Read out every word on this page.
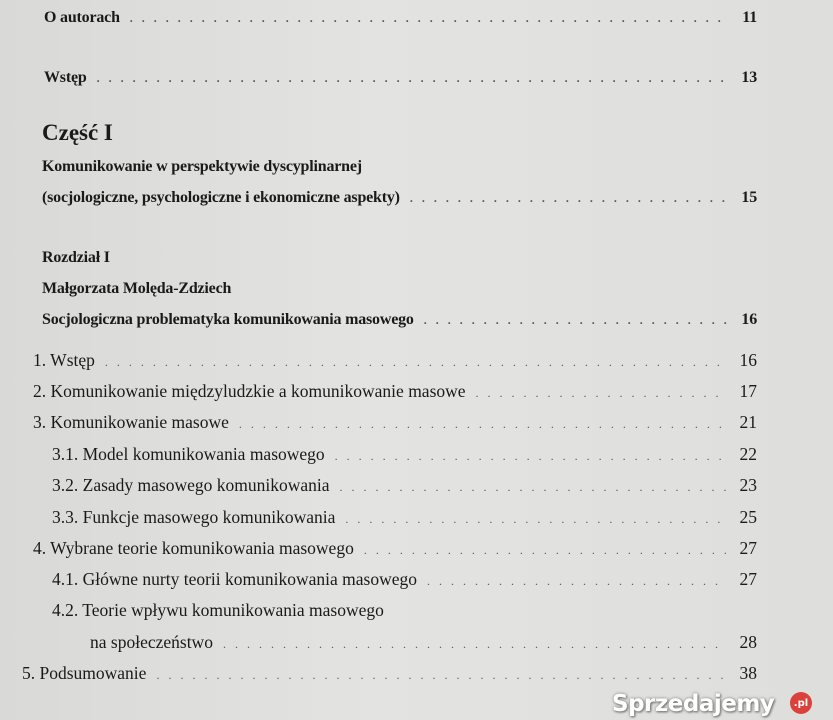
O autorach . . .	11
Wstęp . . .	13
Część I
Komunikowanie w perspektywie dyscyplinarnej
(socjologiczne, psychologiczne i ekonomiczne aspekty) . . .	15
Rozdział I
Małgorzata Molęda-Zdziech
Socjologiczna problematyka komunikowania masowego . . .	16
1. Wstęp . . .	16
2. Komunikowanie międzyludzkie a komunikowanie masowe . . .	17
3. Komunikowanie masowe . . .	21
3.1. Model komunikowania masowego . . .	22
3.2. Zasady masowego komunikowania . . .	23
3.3. Funkcje masowego komunikowania . . .	25
4. Wybrane teorie komunikowania masowego . . .	27
4.1. Główne nurty teorii komunikowania masowego . . .	27
4.2. Teorie wpływu komunikowania masowego
na społeczeństwo . . .	28
5. Podsumowanie . . .	38
Sprzedajemy	.pl
